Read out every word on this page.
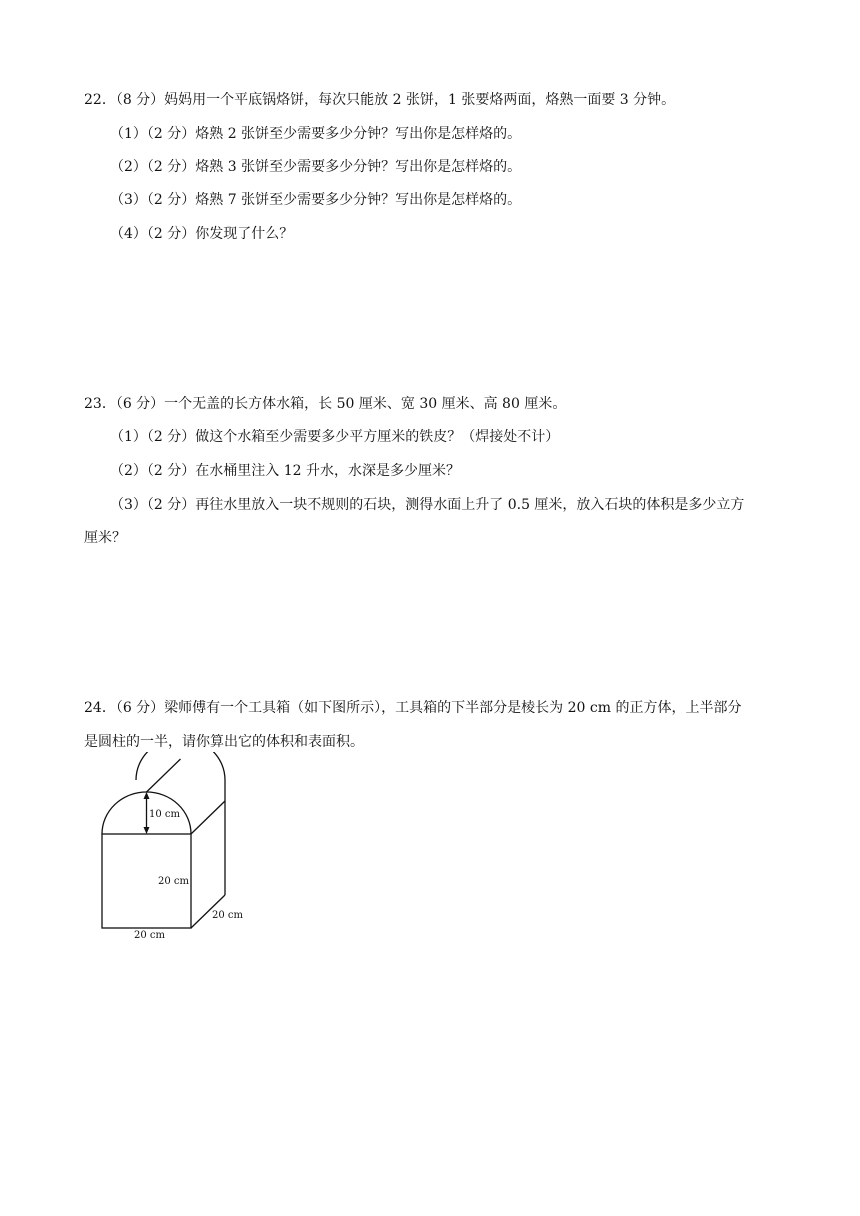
22．（8 分）妈妈用一个平底锅烙饼，每次只能放 2 张饼，1 张要烙两面，烙熟一面要 3 分钟。
（1）（2 分）烙熟 2 张饼至少需要多少分钟？写出你是怎样烙的。
（2）（2 分）烙熟 3 张饼至少需要多少分钟？写出你是怎样烙的。
（3）（2 分）烙熟 7 张饼至少需要多少分钟？写出你是怎样烙的。
（4）（2 分）你发现了什么？
23．（6 分）一个无盖的长方体水箱，长 50 厘米、宽 30 厘米、高 80 厘米。
（1）（2 分）做这个水箱至少需要多少平方厘米的铁皮？（焊接处不计）
（2）（2 分）在水桶里注入 12 升水，水深是多少厘米？
（3）（2 分）再往水里放入一块不规则的石块，测得水面上升了 0.5 厘米，放入石块的体积是多少立方
厘米？
24．（6 分）梁师傅有一个工具箱（如下图所示），工具箱的下半部分是棱长为 20 cm 的正方体，上半部分
是圆柱的一半，请你算出它的体积和表面积。
10 cm
20 cm
20 cm
20 cm
